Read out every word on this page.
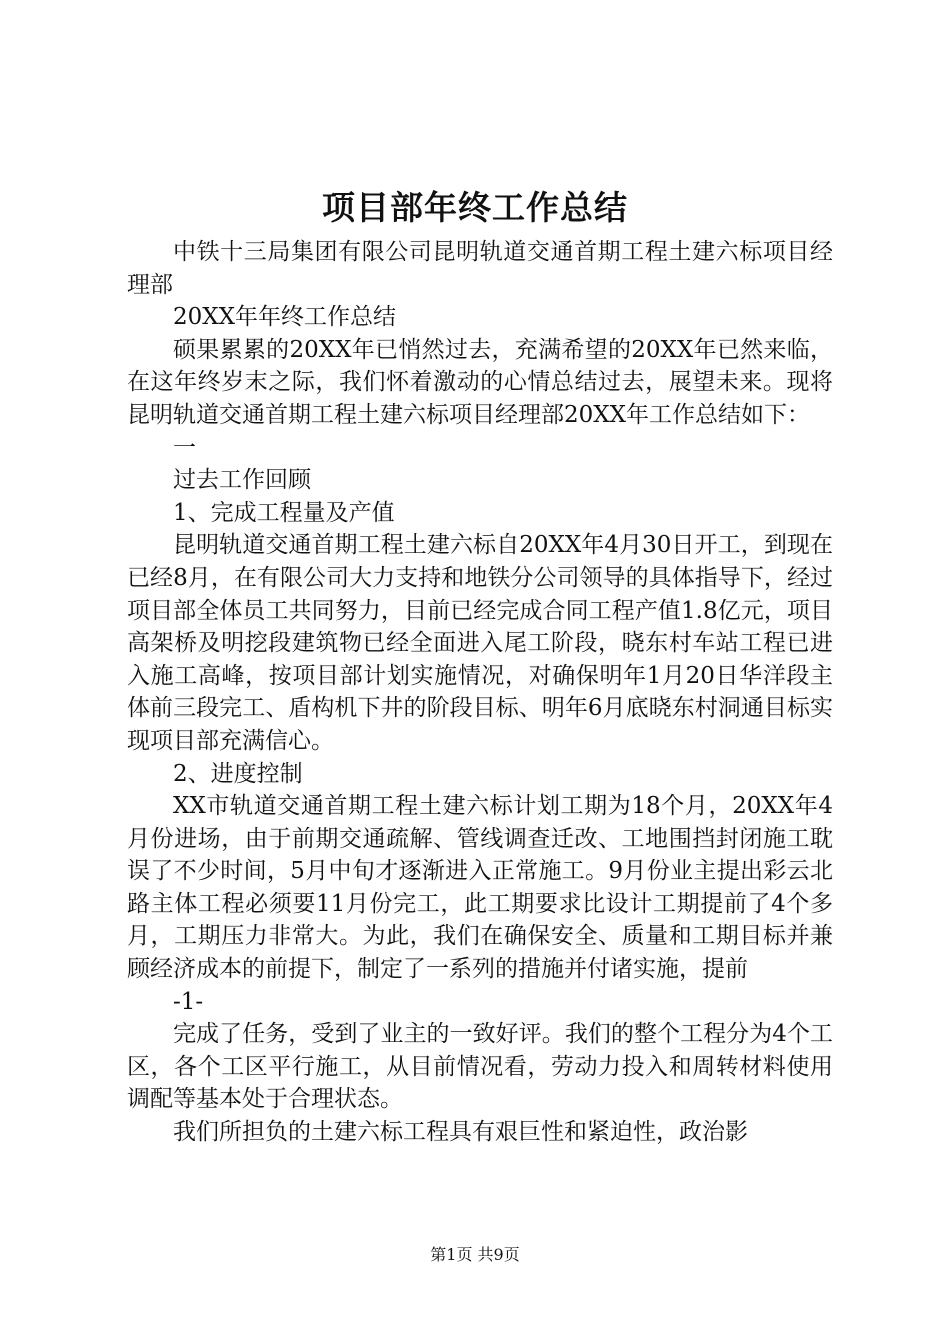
项目部年终工作总结

中铁十三局集团有限公司昆明轨道交通首期工程土建六标项目经理部

20XX年年终工作总结

硕果累累的20XX年已悄然过去，充满希望的20XX年已然来临，在这年终岁末之际，我们怀着激动的心情总结过去，展望未来。现将昆明轨道交通首期工程土建六标项目经理部20XX年工作总结如下：

一

过去工作回顾

1、完成工程量及产值

昆明轨道交通首期工程土建六标自20XX年4月30日开工，到现在已经8月，在有限公司大力支持和地铁分公司领导的具体指导下，经过项目部全体员工共同努力，目前已经完成合同工程产值1.8亿元，项目高架桥及明挖段建筑物已经全面进入尾工阶段，晓东村车站工程已进入施工高峰，按项目部计划实施情况，对确保明年1月20日华洋段主体前三段完工、盾构机下井的阶段目标、明年6月底晓东村洞通目标实现项目部充满信心。

2、进度控制

XX市轨道交通首期工程土建六标计划工期为18个月，20XX年4月份进场，由于前期交通疏解、管线调查迁改、工地围挡封闭施工耽误了不少时间，5月中旬才逐渐进入正常施工。9月份业主提出彩云北路主体工程必须要11月份完工，此工期要求比设计工期提前了4个多月，工期压力非常大。为此，我们在确保安全、质量和工期目标并兼顾经济成本的前提下，制定了一系列的措施并付诸实施，提前

-1-

完成了任务，受到了业主的一致好评。我们的整个工程分为4个工区，各个工区平行施工，从目前情况看，劳动力投入和周转材料使用调配等基本处于合理状态。

我们所担负的土建六标工程具有艰巨性和紧迫性，政治影

第1页 共9页
